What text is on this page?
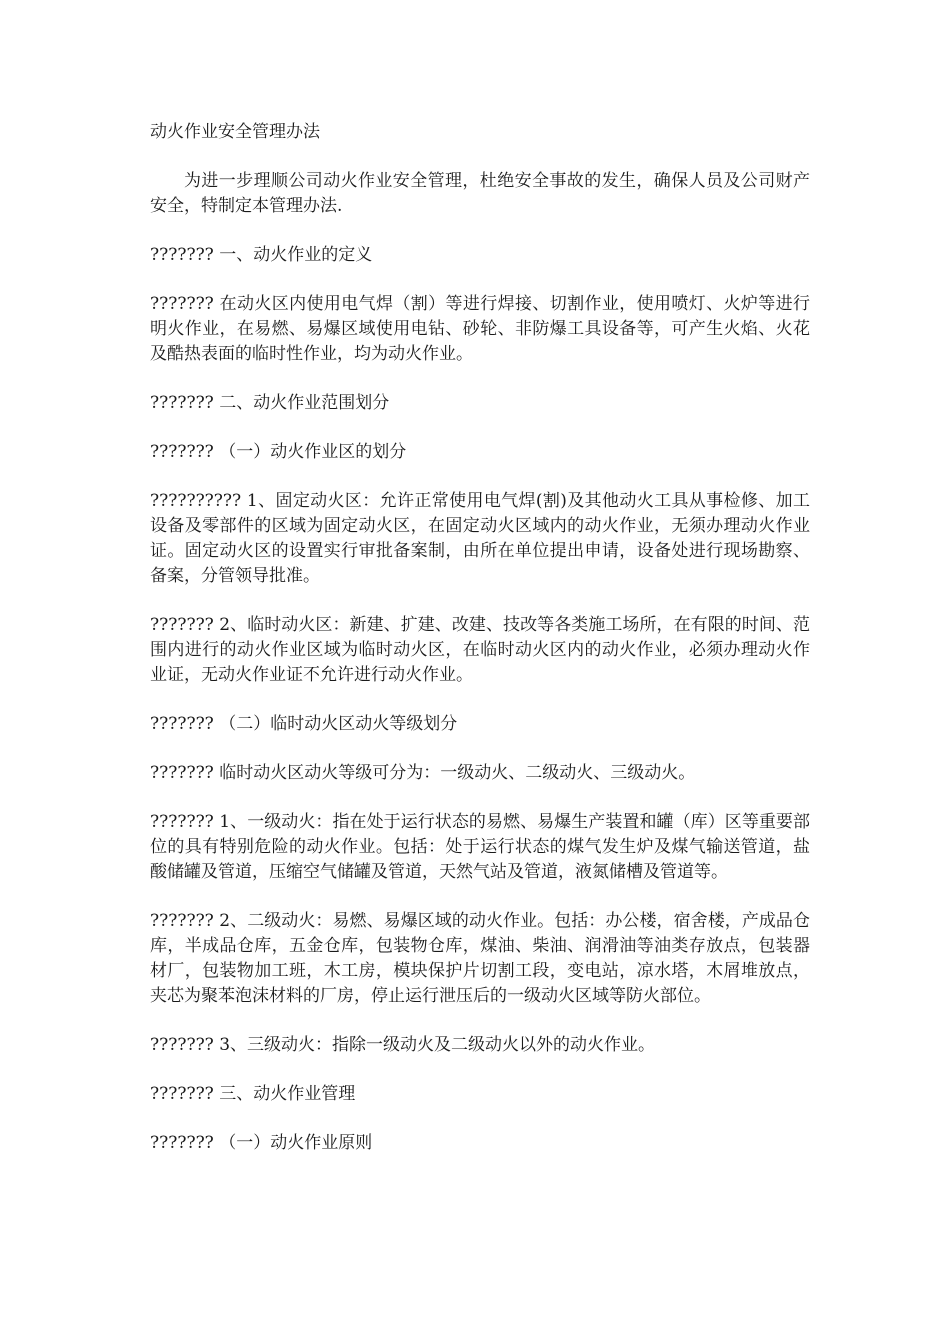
动火作业安全管理办法

为进一步理顺公司动火作业安全管理，杜绝安全事故的发生，确保人员及公司财产安全，特制定本管理办法.

??????? 一、动火作业的定义

??????? 在动火区内使用电气焊（割）等进行焊接、切割作业，使用喷灯、火炉等进行明火作业，在易燃、易爆区域使用电钻、砂轮、非防爆工具设备等，可产生火焰、火花及酷热表面的临时性作业，均为动火作业。

??????? 二、动火作业范围划分

??????? （一）动火作业区的划分

?????????? 1、固定动火区：允许正常使用电气焊(割)及其他动火工具从事检修、加工设备及零部件的区域为固定动火区，在固定动火区域内的动火作业，无须办理动火作业证。固定动火区的设置实行审批备案制，由所在单位提出申请，设备处进行现场勘察、备案，分管领导批准。

??????? 2、临时动火区：新建、扩建、改建、技改等各类施工场所，在有限的时间、范围内进行的动火作业区域为临时动火区，在临时动火区内的动火作业，必须办理动火作业证，无动火作业证不允许进行动火作业。

??????? （二）临时动火区动火等级划分

??????? 临时动火区动火等级可分为：一级动火、二级动火、三级动火。

??????? 1、一级动火：指在处于运行状态的易燃、易爆生产装置和罐（库）区等重要部位的具有特别危险的动火作业。包括：处于运行状态的煤气发生炉及煤气输送管道，盐酸储罐及管道，压缩空气储罐及管道，天然气站及管道，液氮储槽及管道等。

??????? 2、二级动火：易燃、易爆区域的动火作业。包括：办公楼，宿舍楼，产成品仓库，半成品仓库，五金仓库，包装物仓库，煤油、柴油、润滑油等油类存放点，包装器材厂，包装物加工班，木工房，模块保护片切割工段，变电站，凉水塔，木屑堆放点，夹芯为聚苯泡沫材料的厂房，停止运行泄压后的一级动火区域等防火部位。

??????? 3、三级动火：指除一级动火及二级动火以外的动火作业。

??????? 三、动火作业管理

??????? （一）动火作业原则
